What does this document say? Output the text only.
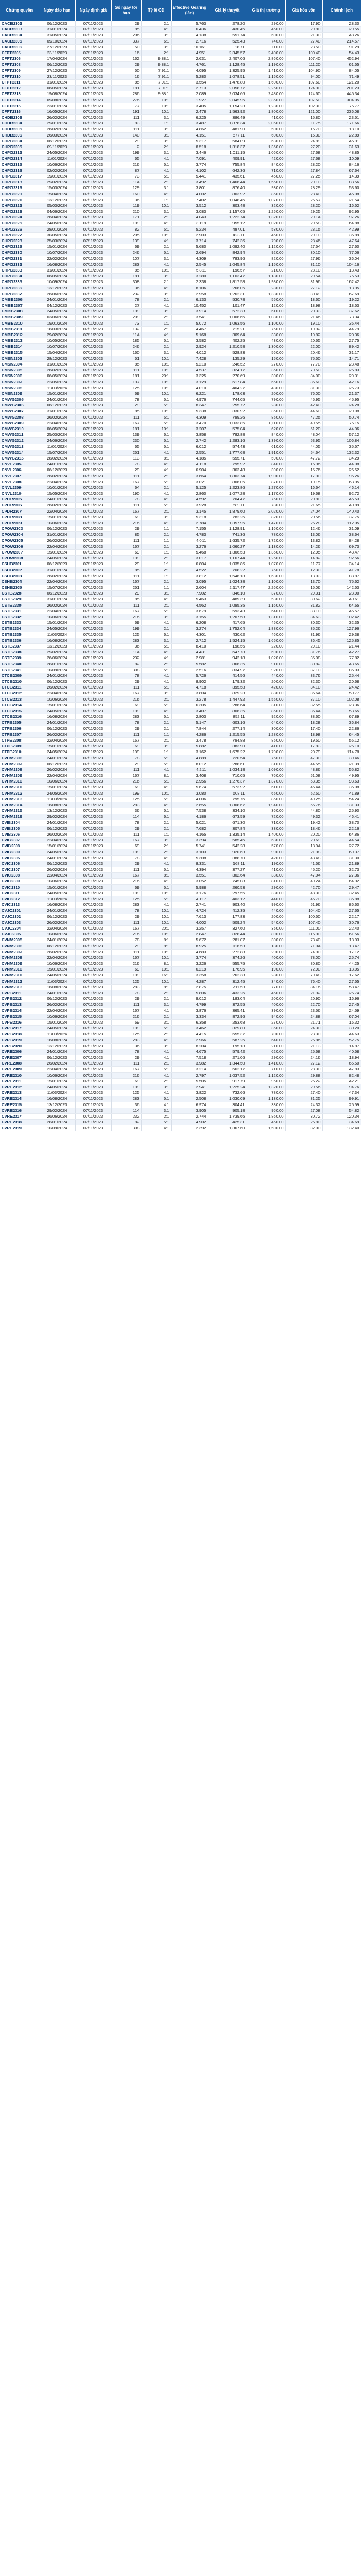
Chứng quyền	Ngày đáo hạn	Ngày định giá	Số ngày tới hạn	Tỷ lệ CĐ	Effective Gearing (lần)	Giá lý thuyết	Giá thị trường	Giá hòa vốn	Chênh lệch
CACB2302	06/12/2023	07/11/2023	29	2:1	5.763	278.20	290.00	17.90	28.30
CACB2303	31/01/2024	07/11/2023	85	4:1	6.436	430.45	460.00	29.80	29.55
CACB2304	31/05/2024	07/11/2023	206	3:1	4.138	551.74	600.00	21.30	48.26
CACB2305	09/10/2024	07/11/2023	337	6:1	2.716	525.43	740.00	27.40	214.57
CACB2306	27/12/2023	07/11/2023	50	3:1	10.161	18.71	110.00	23.50	91.29
CFPT2305	23/11/2023	07/11/2023	16	2:1	4.951	2,345.57	2,400.00	100.40	54.43
CFPT2306	17/04/2024	07/11/2023	162	9.88:1	2.631	2,407.06	2,860.00	107.40	452.94
CFPT2308	06/12/2023	07/11/2023	29	9.88:1	4.761	1,128.45	1,190.00	111.20	61.55
CFPT2309	27/12/2023	07/11/2023	50	7.91:1	4.095	1,325.95	1,410.00	104.90	84.05
CFPT2310	23/11/2023	07/11/2023	16	7.91:1	5.280	1,078.51	1,150.00	94.00	71.49
CFPT2311	31/01/2024	07/11/2023	85	7.91:1	3.554	1,478.80	1,600.00	107.60	121.20
CFPT2312	06/05/2024	07/11/2023	181	7.91:1	2.713	2,058.77	2,260.00	124.90	201.23
CFPT2313	19/08/2024	07/11/2023	286	9.88:1	2.089	2,034.66	2,480.00	124.60	445.34
CFPT2314	09/08/2024	07/11/2023	276	10:1	1.927	2,045.95	2,350.00	107.50	304.05
CFPT2315	23/01/2024	07/11/2023	77	10:1	3.405	1,154.23	1,230.00	102.30	75.77
CFPT2316	16/05/2024	07/11/2023	191	10:1	2.478	1,563.92	1,800.00	121.00	236.08
CHDB2303	26/02/2024	07/11/2023	111	3:1	6.225	386.49	410.00	15.80	23.51
CHDB2304	29/01/2024	07/11/2023	83	1:1	3.487	1,878.34	2,050.00	11.75	171.66
CHDB2305	26/02/2024	07/11/2023	111	3:1	4.862	481.90	500.00	15.70	18.10
CHDB2306	26/03/2024	07/11/2023	140	3:1	4.151	577.11	600.00	16.30	22.89
CHPG2304	06/12/2023	07/11/2023	29	3:1	5.317	584.09	630.00	24.89	45.91
CHPG2305	09/11/2023	07/11/2023	2	2:1	8.518	1,318.37	1,350.00	27.20	31.63
CHPG2312	24/05/2024	07/11/2023	199	3:1	3.446	1,011.15	1,060.00	27.68	48.85
CHPG2314	11/01/2024	07/11/2023	65	4:1	7.091	409.91	420.00	27.68	10.09
CHPG2315	10/06/2024	07/11/2023	216	5:1	3.774	755.84	840.00	28.20	84.16
CHPG2316	02/02/2024	07/11/2023	87	4:1	4.102	642.36	710.00	27.84	67.64
CHPG2317	19/01/2024	07/11/2023	73	5:1	5.441	435.61	450.00	27.25	14.39
CHPG2318	29/02/2024	07/11/2023	114	2:1	3.492	1,466.44	1,550.00	29.10	83.56
CHPG2319	15/03/2024	07/11/2023	129	3:1	3.801	876.40	930.00	28.29	53.60
CHPG2320	15/04/2024	07/11/2023	160	4:1	4.002	803.92	850.00	28.40	46.08
CHPG2321	13/12/2023	07/11/2023	36	1:1	7.402	1,048.46	1,070.00	26.57	21.54
CHPG2322	05/03/2024	07/11/2023	119	10:1	3.512	303.48	320.00	28.20	16.52
CHPG2323	04/06/2024	07/11/2023	210	3:1	3.083	1,157.05	1,250.00	29.25	92.95
CHPG2324	26/04/2024	07/11/2023	171	2:1	4.043	1,222.74	1,320.00	29.14	97.26
CHPG2325	24/05/2024	07/11/2023	199	4:1	3.119	955.12	1,020.00	29.58	64.88
CHPG2326	28/01/2024	07/11/2023	82	5:1	5.234	487.01	530.00	28.15	42.99
CHPG2327	30/05/2024	07/11/2023	205	10:1	2.903	423.11	460.00	29.10	36.89
CHPG2328	25/03/2024	07/11/2023	139	4:1	3.714	742.36	790.00	28.46	47.64
CHPG2329	15/01/2024	07/11/2023	69	2:1	5.680	1,092.40	1,120.00	27.54	27.60
CHPG2330	10/07/2024	07/11/2023	246	5:1	2.694	842.94	920.00	30.10	77.06
CHPG2331	22/02/2024	07/11/2023	107	3:1	4.309	783.96	820.00	27.96	36.04
CHPG2332	16/08/2024	07/11/2023	283	4:1	2.545	1,045.84	1,150.00	31.10	104.16
CHPG2333	31/01/2024	07/11/2023	85	10:1	5.811	196.57	210.00	28.10	13.43
CHPG2334	06/05/2024	07/11/2023	181	3:1	3.280	1,103.47	1,180.00	29.54	76.53
CHPG2335	10/09/2024	07/11/2023	308	2:1	2.338	1,817.58	1,980.00	31.96	162.42
CHPG2336	13/12/2023	07/11/2023	36	4:1	8.106	266.05	280.00	27.12	13.95
CHPG2337	26/06/2024	07/11/2023	232	3:1	2.958	1,262.31	1,330.00	30.49	67.69
CMBB2306	24/01/2024	07/11/2023	78	2:1	6.133	530.78	550.00	18.60	19.22
CMBB2307	04/12/2023	07/11/2023	27	4:1	10.452	101.47	120.00	18.98	18.53
CMBB2308	24/05/2024	07/11/2023	199	3:1	3.914	572.38	610.00	20.33	37.62
CMBB2309	03/06/2024	07/11/2023	209	2:1	3.541	1,006.66	1,080.00	21.46	73.34
CMBB2310	19/01/2024	07/11/2023	73	1:1	5.072	1,063.56	1,100.00	19.10	36.44
CMBB2311	18/03/2024	07/11/2023	132	2:1	4.467	715.21	760.00	19.92	44.79
CMBB2312	29/02/2024	07/11/2023	114	4:1	5.168	309.64	330.00	19.82	20.36
CMBB2313	10/05/2024	07/11/2023	185	5:1	3.582	402.25	430.00	20.65	27.75
CMBB2314	10/07/2024	07/11/2023	246	2:1	2.924	1,210.58	1,300.00	22.00	89.42
CMBB2315	15/04/2024	07/11/2023	160	3:1	4.012	528.83	560.00	20.46	31.17
CMSN2303	28/12/2023	07/11/2023	51	10:1	7.428	135.29	150.00	75.50	14.71
CMSN2304	31/01/2024	07/11/2023	85	10:1	5.210	246.52	270.00	77.70	23.48
CMSN2305	26/02/2024	07/11/2023	111	10:1	4.537	324.17	350.00	79.50	25.83
CMSN2306	06/05/2024	07/11/2023	181	20:1	3.325	270.69	300.00	84.00	29.31
CMSN2307	22/05/2024	07/11/2023	197	10:1	3.129	617.84	660.00	86.60	42.16
CMSN2308	11/03/2024	07/11/2023	125	10:1	4.010	404.27	430.00	81.30	25.73
CMSN2309	15/01/2024	07/11/2023	69	10:1	6.221	178.63	200.00	76.00	21.37
CMWG2305	24/01/2024	07/11/2023	78	5:1	4.976	744.05	790.00	45.95	45.95
CMWG2306	06/12/2023	07/11/2023	29	5:1	8.347	255.72	280.00	42.40	24.28
CMWG2307	31/01/2024	07/11/2023	85	10:1	5.338	330.92	360.00	44.60	29.08
CMWG2308	26/02/2024	07/11/2023	111	5:1	4.309	799.26	850.00	47.25	50.74
CMWG2309	22/04/2024	07/11/2023	167	5:1	3.470	1,033.85	1,110.00	49.55	76.15
CMWG2310	06/05/2024	07/11/2023	181	10:1	3.207	575.04	620.00	51.20	44.96
CMWG2311	25/03/2024	07/11/2023	139	6:1	3.858	782.88	840.00	48.04	57.12
CMWG2312	24/06/2024	07/11/2023	230	5:1	2.742	1,283.16	1,390.00	53.95	106.84
CMWG2313	11/01/2024	07/11/2023	65	5:1	6.012	574.43	610.00	44.05	35.57
CMWG2314	15/07/2024	07/11/2023	251	4:1	2.551	1,777.68	1,910.00	54.64	132.32
CMWG2315	28/02/2024	07/11/2023	113	8:1	4.185	555.71	590.00	47.72	34.29
CNVL2305	24/01/2024	07/11/2023	78	4:1	4.118	795.92	840.00	16.96	44.08
CNVL2306	06/12/2023	07/11/2023	29	4:1	6.904	363.48	390.00	15.76	26.52
CNVL2307	26/02/2024	07/11/2023	111	2:1	3.664	1,803.74	1,900.00	17.90	96.26
CNVL2308	22/04/2024	07/11/2023	167	5:1	3.021	806.05	870.00	19.15	63.95
CNVL2309	10/01/2024	07/11/2023	64	2:1	5.125	1,223.86	1,270.00	16.64	46.14
CNVL2310	15/05/2024	07/11/2023	190	4:1	2.860	1,077.28	1,170.00	19.68	92.72
CPDR2305	24/01/2024	07/11/2023	78	4:1	4.592	704.47	750.00	20.80	45.53
CPDR2306	26/02/2024	07/11/2023	111	5:1	3.928	689.11	730.00	21.65	40.89
CPDR2307	22/04/2024	07/11/2023	167	2:1	3.145	1,879.60	2,020.00	24.04	140.40
CPDR2308	15/01/2024	07/11/2023	69	3:1	5.318	782.25	820.00	20.56	37.75
CPDR2309	10/06/2024	07/11/2023	216	4:1	2.784	1,357.95	1,470.00	25.28	112.05
CPOW2303	06/12/2023	07/11/2023	29	1:1	7.155	1,128.91	1,160.00	12.46	31.09
CPOW2304	31/01/2024	07/11/2023	85	2:1	4.783	741.36	780.00	13.06	38.64
CPOW2305	26/02/2024	07/11/2023	111	1:1	4.011	1,635.72	1,720.00	13.82	84.28
CPOW2306	22/04/2024	07/11/2023	167	2:1	3.276	1,060.27	1,130.00	14.26	69.73
CPOW2307	15/01/2024	07/11/2023	69	1:1	5.468	1,306.53	1,350.00	12.95	43.47
CPOW2308	24/05/2024	07/11/2023	199	2:1	3.017	1,167.44	1,260.00	14.82	92.56
CSHB2301	06/12/2023	07/11/2023	29	1:1	6.804	1,035.86	1,070.00	11.77	34.14
CSHB2302	31/01/2024	07/11/2023	85	2:1	4.522	708.22	750.00	12.30	41.78
CSHB2303	26/02/2024	07/11/2023	111	1:1	3.812	1,546.13	1,630.00	13.03	83.87
CSHB2304	22/04/2024	07/11/2023	167	2:1	3.095	1,024.38	1,100.00	13.70	75.62
CSHB2305	15/07/2024	07/11/2023	251	1:1	2.604	2,117.47	2,260.00	15.06	142.53
CSTB2328	06/12/2023	07/11/2023	29	3:1	7.902	346.10	370.00	29.31	23.90
CSTB2329	31/01/2024	07/11/2023	85	4:1	5.463	489.39	530.00	30.62	40.61
CSTB2330	26/02/2024	07/11/2023	111	2:1	4.562	1,095.35	1,160.00	31.82	64.65
CSTB2331	22/04/2024	07/11/2023	167	5:1	3.679	593.43	640.00	33.10	46.57
CSTB2332	10/06/2024	07/11/2023	216	3:1	3.155	1,207.58	1,310.00	34.63	102.42
CSTB2333	15/01/2024	07/11/2023	69	4:1	6.208	417.65	450.00	30.30	32.35
CSTB2334	24/05/2024	07/11/2023	199	2:1	3.274	1,752.04	1,880.00	35.26	127.96
CSTB2335	11/03/2024	07/11/2023	125	6:1	4.301	430.62	460.00	31.96	29.38
CSTB2336	16/08/2024	07/11/2023	283	3:1	2.712	1,524.15	1,650.00	36.45	125.85
CSTB2337	13/12/2023	07/11/2023	36	5:1	8.410	198.56	220.00	29.10	21.44
CSTB2338	29/02/2024	07/11/2023	114	4:1	4.431	647.73	690.00	31.76	42.27
CSTB2339	26/06/2024	07/11/2023	232	4:1	2.981	942.18	1,020.00	35.08	77.82
CSTB2340	28/01/2024	07/11/2023	82	2:1	5.582	866.35	910.00	30.82	43.65
CSTB2341	10/09/2024	07/11/2023	308	5:1	2.516	834.97	920.00	37.10	85.03
CTCB2309	24/01/2024	07/11/2023	78	4:1	5.726	414.56	440.00	33.76	25.44
CTCB2310	06/12/2023	07/11/2023	29	4:1	8.902	179.32	200.00	32.30	20.68
CTCB2311	26/02/2024	07/11/2023	111	5:1	4.718	395.58	420.00	34.10	24.42
CTCB2312	22/04/2024	07/11/2023	167	3:1	3.804	829.23	880.00	35.64	50.77
CTCB2313	10/06/2024	07/11/2023	216	2:1	3.278	1,447.92	1,550.00	37.10	102.08
CTCB2314	15/01/2024	07/11/2023	69	5:1	6.305	286.64	310.00	32.55	23.36
CTCB2315	24/05/2024	07/11/2023	199	4:1	3.407	806.35	860.00	36.44	53.65
CTCB2316	16/08/2024	07/11/2023	283	5:1	2.803	852.11	920.00	38.60	67.89
CTPB2305	24/01/2024	07/11/2023	78	2:1	5.147	603.16	640.00	18.28	36.84
CTPB2306	06/12/2023	07/11/2023	29	2:1	7.844	277.14	300.00	17.40	22.86
CTPB2307	26/02/2024	07/11/2023	111	1:1	4.286	1,215.55	1,280.00	18.98	64.45
CTPB2308	22/04/2024	07/11/2023	167	2:1	3.478	794.88	850.00	19.50	55.12
CTPB2309	15/01/2024	07/11/2023	69	3:1	5.882	383.90	410.00	17.83	26.10
CTPB2310	24/05/2024	07/11/2023	199	1:1	3.162	1,675.22	1,790.00	20.79	114.78
CVHM2306	24/01/2024	07/11/2023	78	5:1	4.889	720.54	760.00	47.30	39.46
CVHM2307	06/12/2023	07/11/2023	29	5:1	8.012	288.61	310.00	44.55	21.39
CVHM2308	26/02/2024	07/11/2023	111	4:1	4.211	1,034.18	1,090.00	48.86	55.82
CVHM2309	22/04/2024	07/11/2023	167	8:1	3.408	710.05	760.00	51.08	49.95
CVHM2310	10/06/2024	07/11/2023	216	5:1	2.956	1,276.37	1,370.00	53.35	93.63
CVHM2311	15/01/2024	07/11/2023	69	4:1	5.674	573.92	610.00	46.44	36.08
CVHM2312	24/05/2024	07/11/2023	199	10:1	3.080	608.11	650.00	52.50	41.89
CVHM2313	11/03/2024	07/11/2023	125	5:1	4.006	795.76	850.00	49.25	54.24
CVHM2314	16/08/2024	07/11/2023	283	4:1	2.655	1,808.67	1,940.00	55.76	131.33
CVHM2315	13/12/2023	07/11/2023	36	5:1	7.538	334.10	360.00	44.80	25.90
CVHM2316	29/02/2024	07/11/2023	114	6:1	4.186	673.59	720.00	49.32	46.41
CVIB2304	24/01/2024	07/11/2023	78	2:1	5.021	671.30	710.00	19.42	38.70
CVIB2305	06/12/2023	07/11/2023	29	2:1	7.682	307.84	330.00	18.46	22.16
CVIB2306	26/02/2024	07/11/2023	111	1:1	4.165	1,335.14	1,400.00	20.20	64.86
CVIB2307	22/04/2024	07/11/2023	167	3:1	3.394	585.46	630.00	20.69	44.54
CVIB2308	15/01/2024	07/11/2023	69	2:1	5.741	542.28	570.00	18.94	27.72
CVIB2309	24/05/2024	07/11/2023	199	2:1	3.103	920.63	990.00	21.98	69.37
CVIC2305	24/01/2024	07/11/2023	78	4:1	5.308	388.70	420.00	43.48	31.30
CVIC2306	06/12/2023	07/11/2023	29	4:1	8.331	168.11	190.00	41.56	21.89
CVIC2307	26/02/2024	07/11/2023	111	5:1	4.394	377.27	410.00	45.20	32.73
CVIC2308	22/04/2024	07/11/2023	167	8:1	3.551	302.64	330.00	47.04	27.36
CVIC2309	10/06/2024	07/11/2023	216	4:1	3.052	745.08	810.00	49.24	64.92
CVIC2310	15/01/2024	07/11/2023	69	5:1	5.988	260.53	290.00	42.70	29.47
CVIC2311	24/05/2024	07/11/2023	199	10:1	3.176	297.55	330.00	48.30	32.45
CVIC2312	11/03/2024	07/11/2023	125	5:1	4.117	403.12	440.00	45.70	36.88
CVIC2313	16/08/2024	07/11/2023	283	4:1	2.741	903.40	990.00	51.96	86.60
CVJC2301	24/01/2024	07/11/2023	78	10:1	4.724	412.35	440.00	104.40	27.65
CVJC2302	06/12/2023	07/11/2023	29	10:1	7.613	177.83	200.00	100.50	22.17
CVJC2303	26/02/2024	07/11/2023	111	10:1	4.002	509.24	540.00	107.40	30.76
CVJC2304	22/04/2024	07/11/2023	167	20:1	3.257	327.60	350.00	111.00	22.40
CVJC2305	10/06/2024	07/11/2023	216	10:1	2.847	828.44	890.00	115.90	61.56
CVNM2305	24/01/2024	07/11/2023	78	8:1	5.672	281.07	300.00	73.40	18.93
CVNM2306	06/12/2023	07/11/2023	29	8:1	8.925	116.53	130.00	71.04	13.47
CVNM2307	26/02/2024	07/11/2023	111	10:1	4.683	272.88	290.00	74.90	17.12
CVNM2308	22/04/2024	07/11/2023	167	10:1	3.774	374.26	400.00	78.00	25.74
CVNM2309	10/06/2024	07/11/2023	216	8:1	3.226	555.75	600.00	80.80	44.25
CVNM2310	15/01/2024	07/11/2023	69	10:1	6.219	176.95	190.00	72.90	13.05
CVNM2311	24/05/2024	07/11/2023	199	16:1	3.358	262.38	280.00	79.48	17.62
CVNM2312	11/03/2024	07/11/2023	125	10:1	4.287	312.45	340.00	76.40	27.55
CVNM2313	16/08/2024	07/11/2023	283	8:1	2.875	711.53	770.00	84.16	58.47
CVPB2311	24/01/2024	07/11/2023	78	2:1	5.806	433.26	460.00	21.92	26.74
CVPB2312	06/12/2023	07/11/2023	29	2:1	9.012	183.04	200.00	20.90	16.96
CVPB2313	26/02/2024	07/11/2023	111	3:1	4.799	372.55	400.00	22.70	27.45
CVPB2314	22/04/2024	07/11/2023	167	4:1	3.876	365.41	390.00	23.56	24.59
CVPB2315	10/06/2024	07/11/2023	216	2:1	3.334	872.96	940.00	24.88	67.04
CVPB2316	15/01/2024	07/11/2023	69	3:1	6.358	253.68	270.00	21.71	16.32
CVPB2317	24/05/2024	07/11/2023	199	5:1	3.462	329.80	360.00	24.30	30.20
CVPB2318	11/03/2024	07/11/2023	125	2:1	4.415	655.37	700.00	23.30	44.63
CVPB2319	16/08/2024	07/11/2023	283	4:1	2.966	587.25	640.00	25.86	52.75
CVPB2320	13/12/2023	07/11/2023	36	3:1	8.204	195.13	210.00	21.13	14.87
CVRE2306	24/01/2024	07/11/2023	78	4:1	4.675	579.42	620.00	25.68	40.58
CVRE2307	06/12/2023	07/11/2023	29	4:1	7.518	271.06	290.00	24.16	18.94
CVRE2308	26/02/2024	07/11/2023	111	2:1	3.982	1,344.50	1,410.00	27.12	65.50
CVRE2309	22/04/2024	07/11/2023	167	5:1	3.214	662.17	710.00	28.30	47.83
CVRE2310	10/06/2024	07/11/2023	216	4:1	2.797	1,037.52	1,120.00	29.88	82.48
CVRE2311	15/01/2024	07/11/2023	69	2:1	5.505	917.79	960.00	25.22	42.21
CVRE2312	24/05/2024	07/11/2023	199	3:1	2.941	1,225.24	1,320.00	29.56	94.76
CVRE2313	11/03/2024	07/11/2023	125	4:1	3.822	732.66	780.00	27.40	47.34
CVRE2314	16/08/2024	07/11/2023	283	5:1	2.508	1,030.09	1,130.00	31.25	99.91
CVRE2315	13/12/2023	07/11/2023	36	4:1	6.974	304.41	330.00	24.32	25.59
CVRE2316	29/02/2024	07/11/2023	114	3:1	3.905	905.18	960.00	27.08	54.82
CVRE2317	26/06/2024	07/11/2023	232	2:1	2.744	1,739.66	1,860.00	30.72	120.34
CVRE2318	28/01/2024	07/11/2023	82	5:1	4.902	425.31	460.00	25.80	34.69
CVRE2319	10/09/2024	07/11/2023	308	4:1	2.392	1,367.60	1,500.00	32.00	132.40
